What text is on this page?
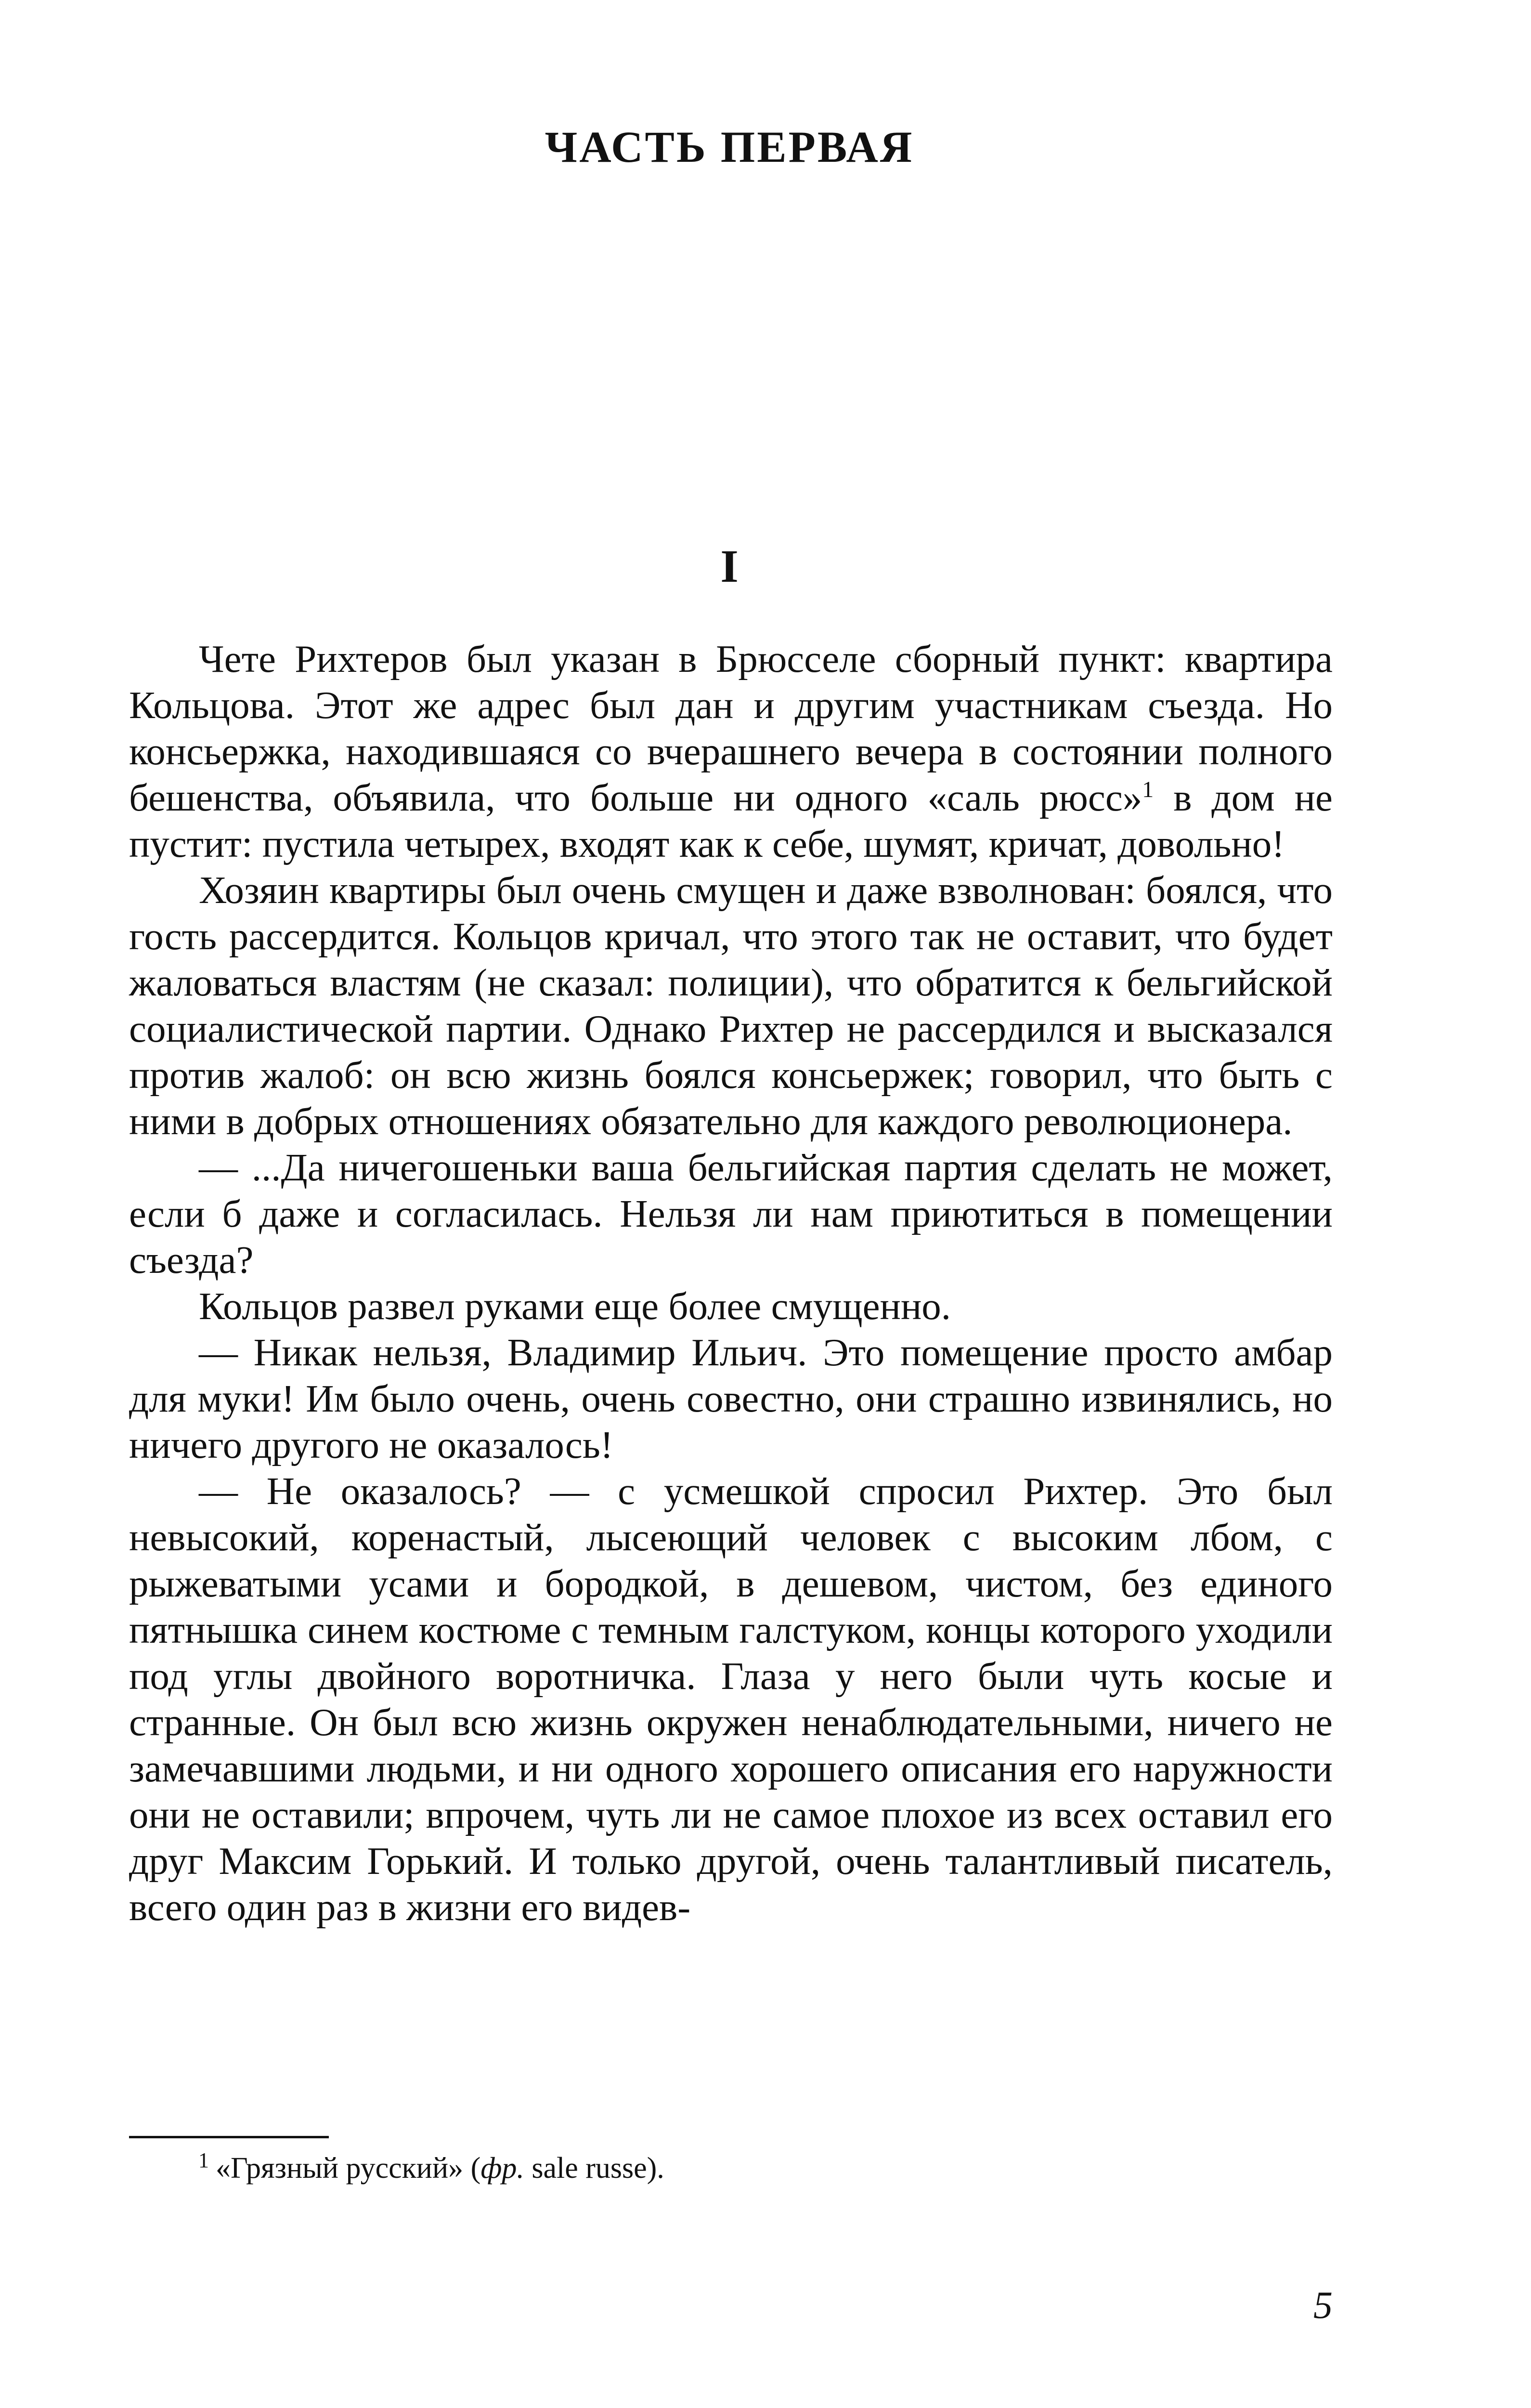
ЧАСТЬ ПЕРВАЯ
I

Чете Рихтеров был указан в Брюсселе сборный пункт: квартира Кольцова. Этот же адрес был дан и другим участникам съезда. Но консьержка, находившаяся со вчерашнего вечера в состоянии полного бешенства, объявила, что больше ни одного «саль рюсс»$^1$ в дом не пустит: пустила четырех, входят как к себе, шумят, кричат, довольно!

Хозяин квартиры был очень смущен и даже взволнован: боялся, что гость рассердится. Кольцов кричал, что этого так не оставит, что будет жаловаться властям (не сказал: полиции), что обратится к бельгийской социалистической партии. Однако Рихтер не рассердился и высказался против жалоб: он всю жизнь боялся консьержек; говорил, что быть с ними в добрых отношениях обязательно для каждого революционера.

— ...Да ничегошеньки ваша бельгийская партия сделать не может, если б даже и согласилась. Нельзя ли нам приютиться в помещении съезда?

Кольцов развел руками еще более смущенно.

— Никак нельзя, Владимир Ильич. Это помещение просто амбар для муки! Им было очень, очень совестно, они страшно извинялись, но ничего другого не оказалось!

— Не оказалось? — с усмешкой спросил Рихтер. Это был невысокий, коренастый, лысеющий человек с высоким лбом, с рыжеватыми усами и бородкой, в дешевом, чистом, без единого пятнышка синем костюме с темным галстуком, концы которого уходили под углы двойного воротничка. Глаза у него были чуть косые и странные. Он был всю жизнь окружен ненаблюдательными, ничего не замечавшими людьми, и ни одного хорошего описания его наружности они не оставили; впрочем, чуть ли не самое плохое из всех оставил его друг Максим Горький. И только другой, очень талантливый писатель, всего один раз в жизни его видев-

$^1$ «Грязный русский» (фр. sale russe).

5
